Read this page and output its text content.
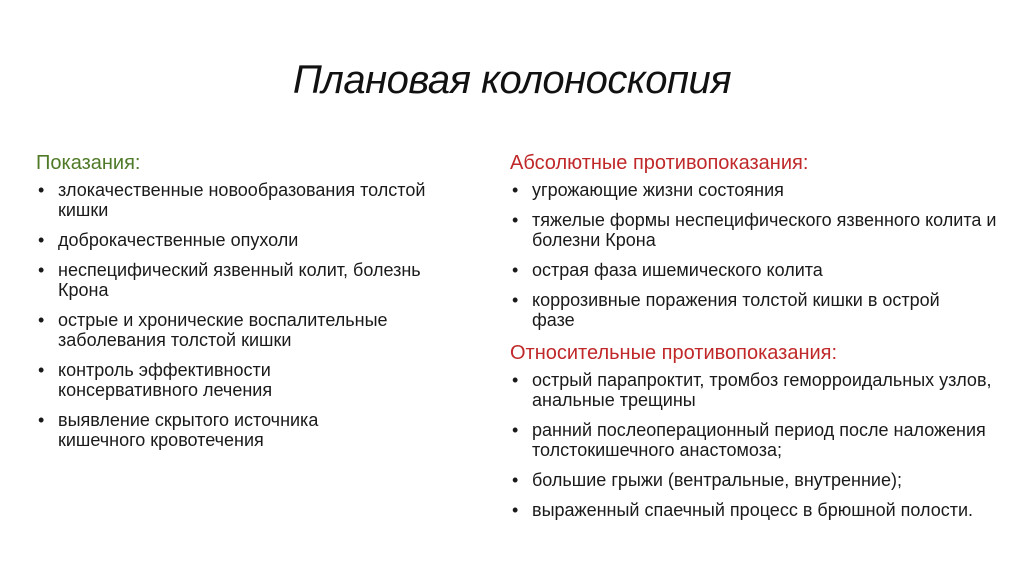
Плановая колоноскопия
Показания:
• злокачественные новообразования толстой кишки
• доброкачественные опухоли
• неспецифический язвенный колит, болезнь Крона
• острые и хронические воспалительные заболевания толстой кишки
• контроль эффективности консервативного лечения
• выявление скрытого источника кишечного кровотечения
Абсолютные противопоказания:
• угрожающие жизни состояния
• тяжелые формы неспецифического язвенного колита и болезни Крона
• острая фаза ишемического колита
• коррозивные поражения толстой кишки в острой фазе
Относительные противопоказания:
• острый парапроктит, тромбоз геморроидальных узлов, анальные трещины
• ранний послеоперационный период после наложения толстокишечного анастомоза;
• большие грыжи (вентральные, внутренние);
• выраженный спаечный процесс в брюшной полости.
